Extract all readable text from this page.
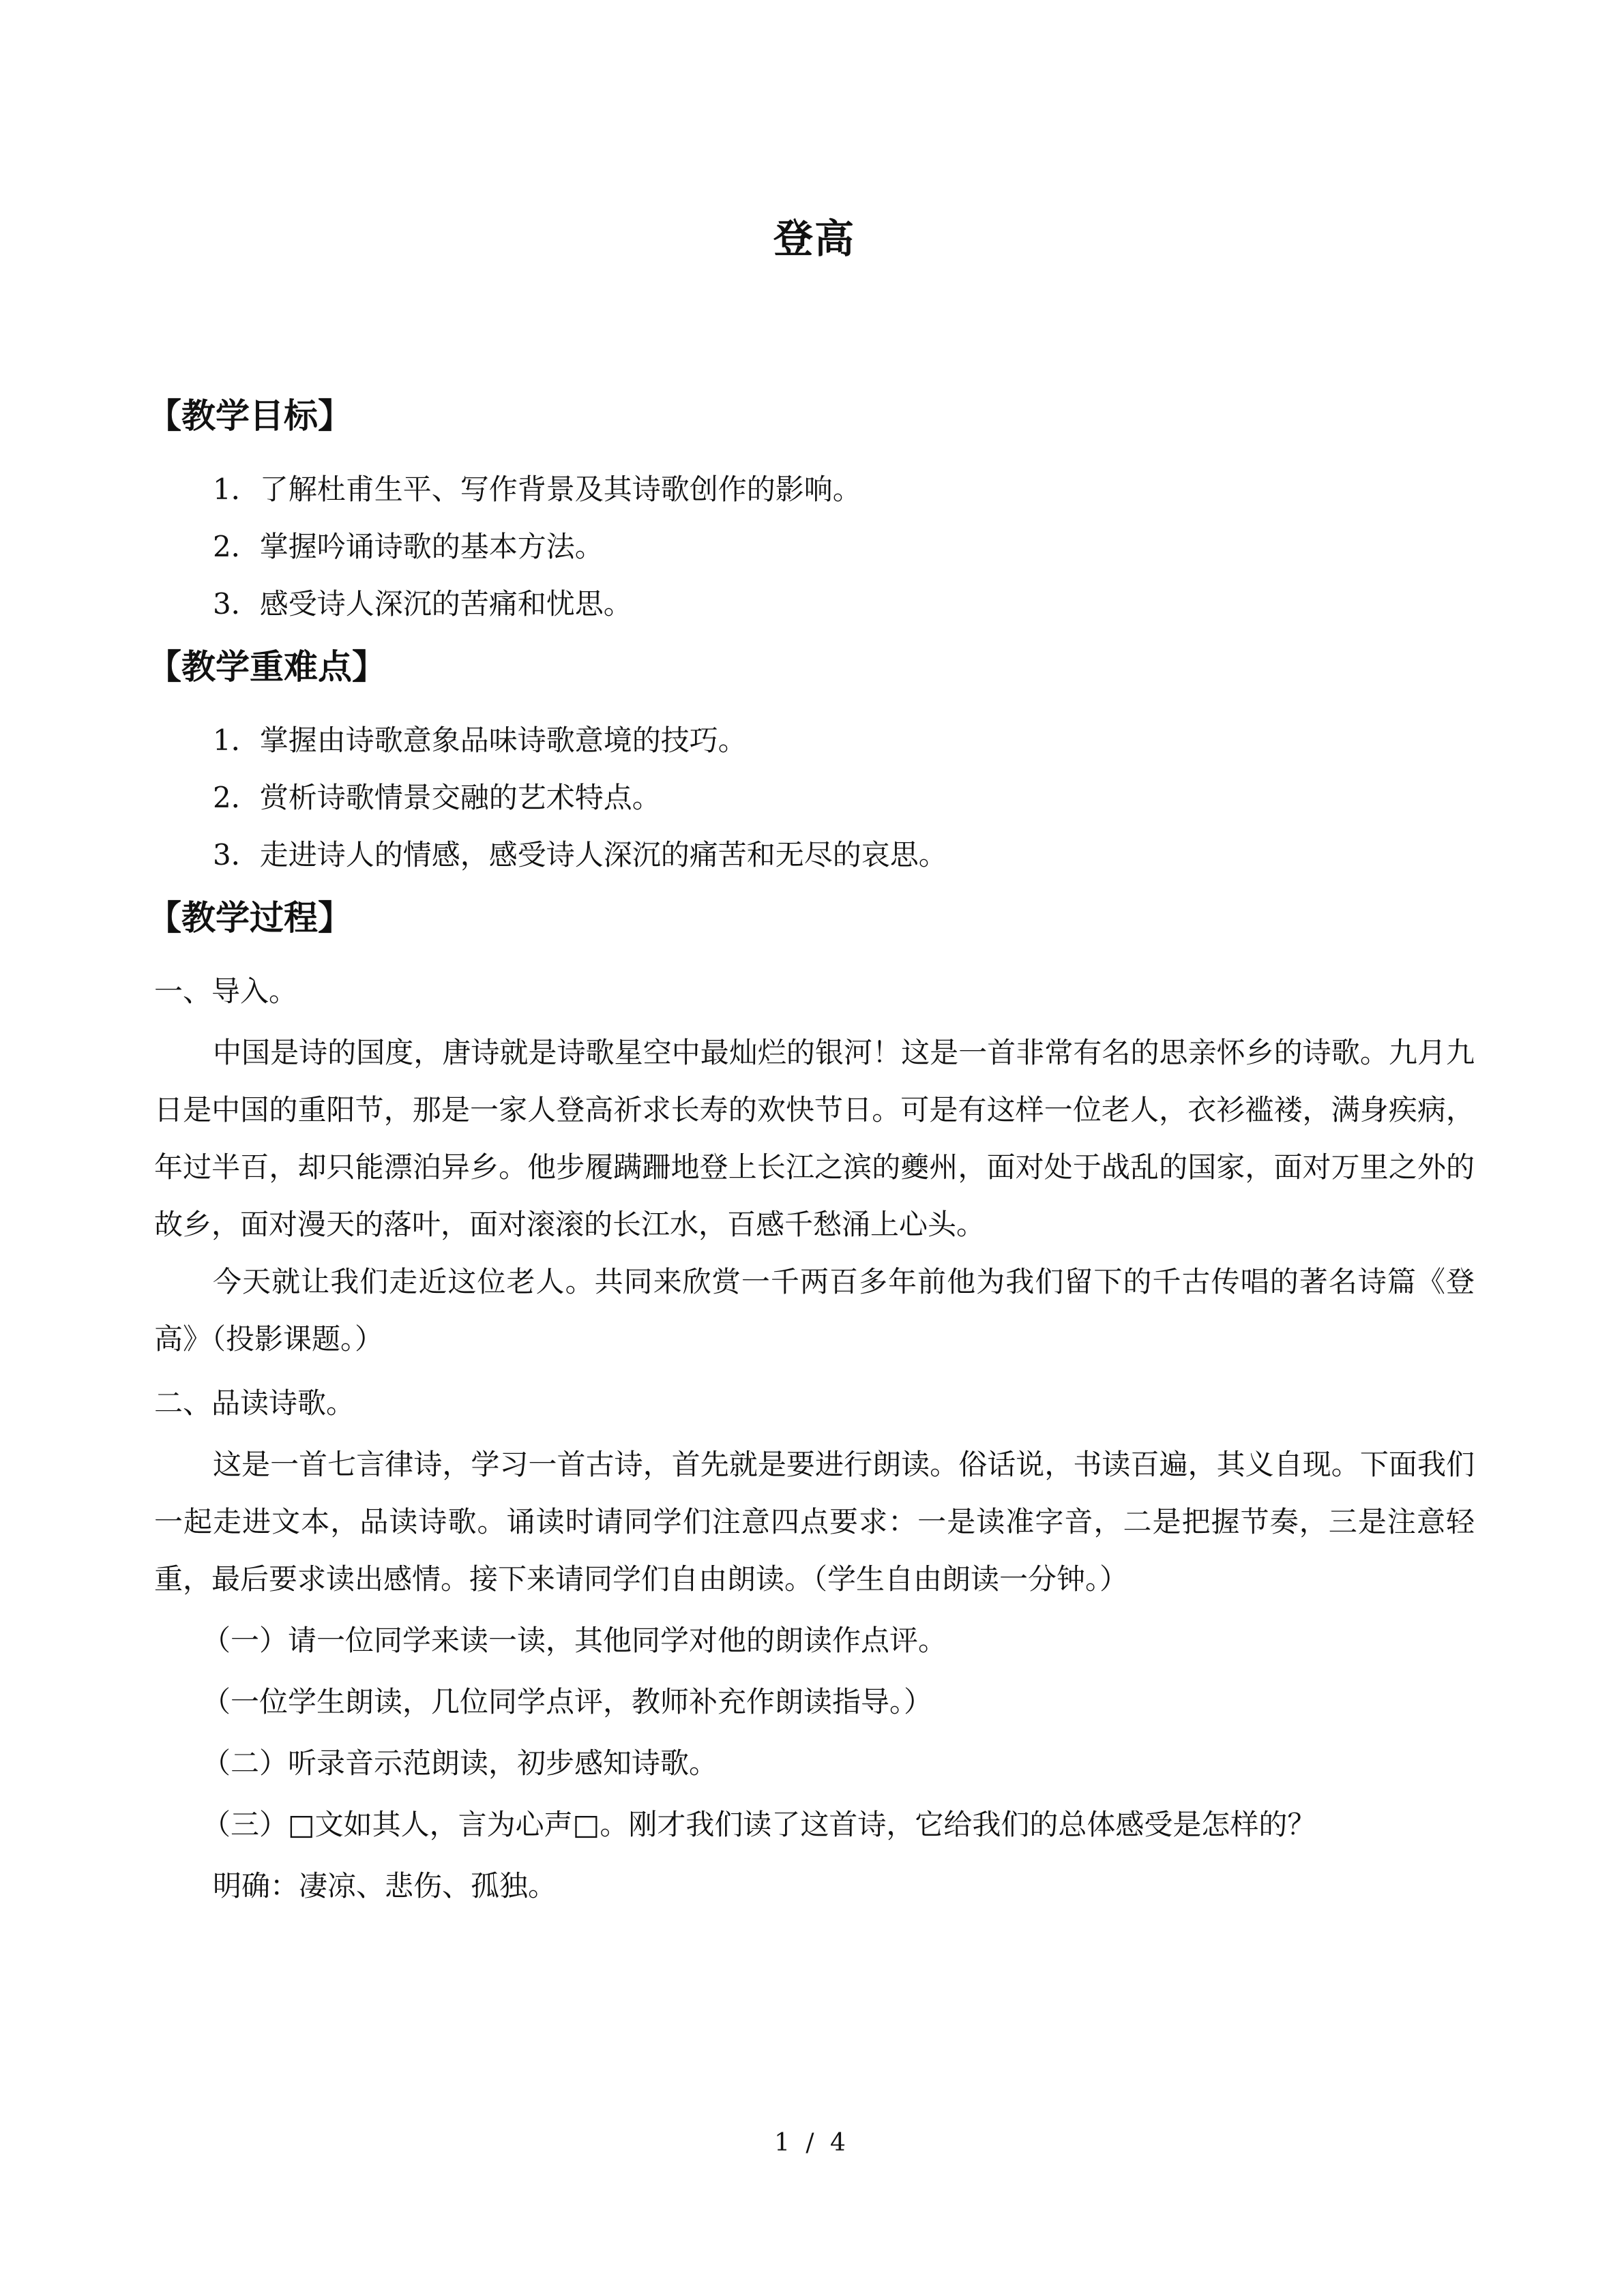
登高
【教学目标】
1．了解杜甫生平、写作背景及其诗歌创作的影响。
2．掌握吟诵诗歌的基本方法。
3．感受诗人深沉的苦痛和忧思。
【教学重难点】
1．掌握由诗歌意象品味诗歌意境的技巧。
2．赏析诗歌情景交融的艺术特点。
3．走进诗人的情感，感受诗人深沉的痛苦和无尽的哀思。
【教学过程】
一、导入。

中国是诗的国度，唐诗就是诗歌星空中最灿烂的银河！这是一首非常有名的思亲怀乡的诗歌。九月九日是中国的重阳节，那是一家人登高祈求长寿的欢快节日。可是有这样一位老人，衣衫褴褛，满身疾病，年过半百，却只能漂泊异乡。他步履蹒跚地登上长江之滨的夔州，面对处于战乱的国家，面对万里之外的故乡，面对漫天的落叶，面对滚滚的长江水，百感千愁涌上心头。

今天就让我们走近这位老人。共同来欣赏一千两百多年前他为我们留下的千古传唱的著名诗篇《登高》（投影课题。）

二、品读诗歌。

这是一首七言律诗，学习一首古诗，首先就是要进行朗读。俗话说，书读百遍，其义自现。下面我们一起走进文本，品读诗歌。诵读时请同学们注意四点要求：一是读准字音，二是把握节奏，三是注意轻重，最后要求读出感情。接下来请同学们自由朗读。（学生自由朗读一分钟。）

（一）请一位同学来读一读，其他同学对他的朗读作点评。
（一位学生朗读，几位同学点评，教师补充作朗读指导。）
（二）听录音示范朗读，初步感知诗歌。
（三）□文如其人，言为心声□。刚才我们读了这首诗，它给我们的总体感受是怎样的？
明确：凄凉、悲伤、孤独。
1 / 4
